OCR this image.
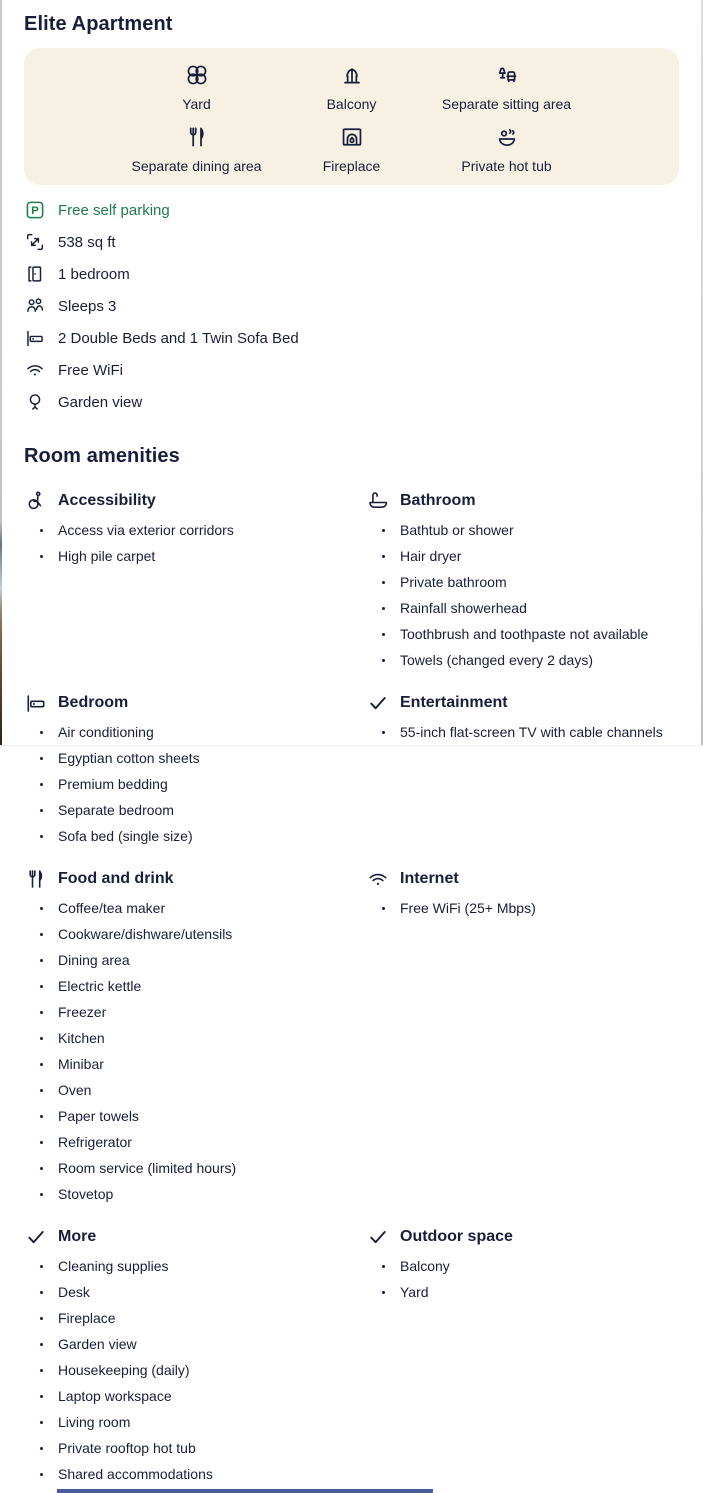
Elite Apartment
Yard	Balcony	Separate sitting area
Separate dining area	Fireplace	Private hot tub
P Free self parking
538 sq ft
1 bedroom
Sleeps 3
2 Double Beds and 1 Twin Sofa Bed
Free WiFi
Garden view
Room amenities
Accessibility
Access via exterior corridors
High pile carpet
Bathroom
Bathtub or shower
Hair dryer
Private bathroom
Rainfall showerhead
Toothbrush and toothpaste not available
Towels (changed every 2 days)
Bedroom
Air conditioning
Egyptian cotton sheets
Premium bedding
Separate bedroom
Sofa bed (single size)
Entertainment
55-inch flat-screen TV with cable channels
Food and drink
Coffee/tea maker
Cookware/dishware/utensils
Dining area
Electric kettle
Freezer
Kitchen
Minibar
Oven
Paper towels
Refrigerator
Room service (limited hours)
Stovetop
Internet
Free WiFi (25+ Mbps)
More
Cleaning supplies
Desk
Fireplace
Garden view
Housekeeping (daily)
Laptop workspace
Living room
Private rooftop hot tub
Shared accommodations
Outdoor space
Balcony
Yard
